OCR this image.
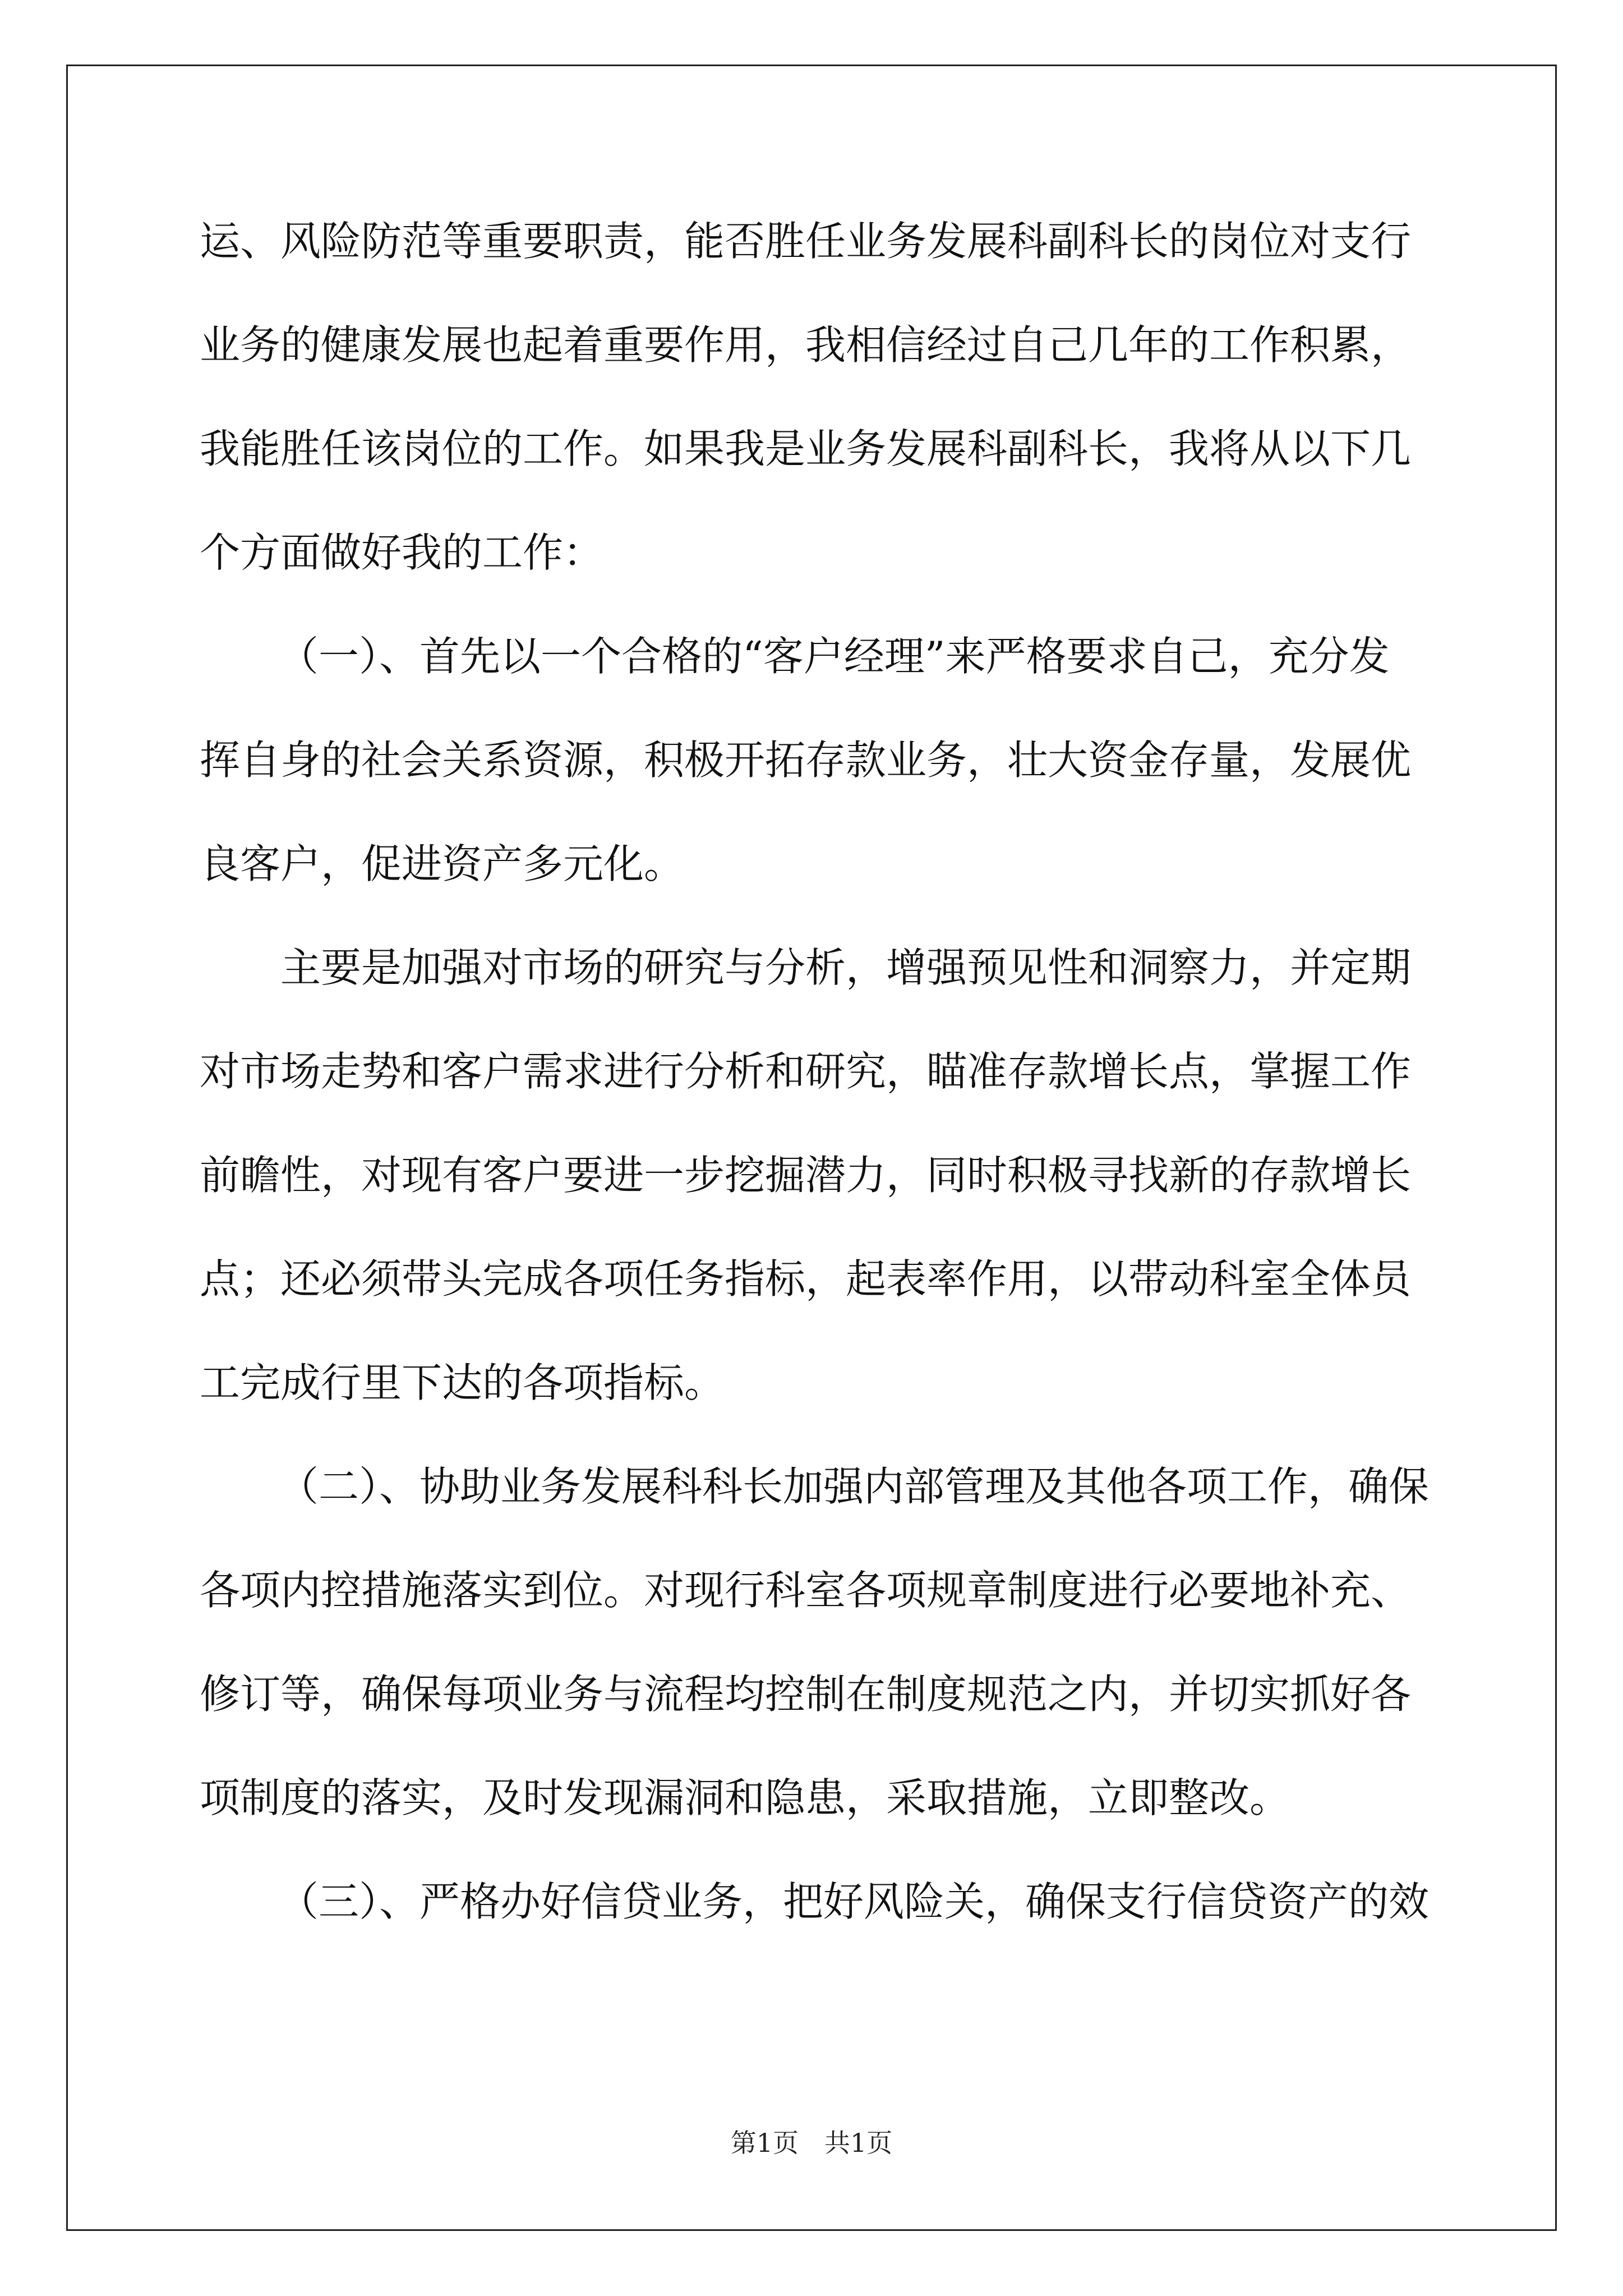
运、风险防范等重要职责，能否胜任业务发展科副科长的岗位对支行
业务的健康发展也起着重要作用，我相信经过自己几年的工作积累，
我能胜任该岗位的工作。如果我是业务发展科副科长，我将从以下几
个方面做好我的工作：
（一）、首先以一个合格的“客户经理”来严格要求自己，充分发
挥自身的社会关系资源，积极开拓存款业务，壮大资金存量，发展优
良客户，促进资产多元化。
主要是加强对市场的研究与分析，增强预见性和洞察力，并定期
对市场走势和客户需求进行分析和研究，瞄准存款增长点，掌握工作
前瞻性，对现有客户要进一步挖掘潜力，同时积极寻找新的存款增长
点；还必须带头完成各项任务指标，起表率作用，以带动科室全体员
工完成行里下达的各项指标。
（二）、协助业务发展科科长加强内部管理及其他各项工作，确保
各项内控措施落实到位。对现行科室各项规章制度进行必要地补充、
修订等，确保每项业务与流程均控制在制度规范之内，并切实抓好各
项制度的落实，及时发现漏洞和隐患，采取措施，立即整改。
（三）、严格办好信贷业务，把好风险关，确保支行信贷资产的效
第1页 共1页
